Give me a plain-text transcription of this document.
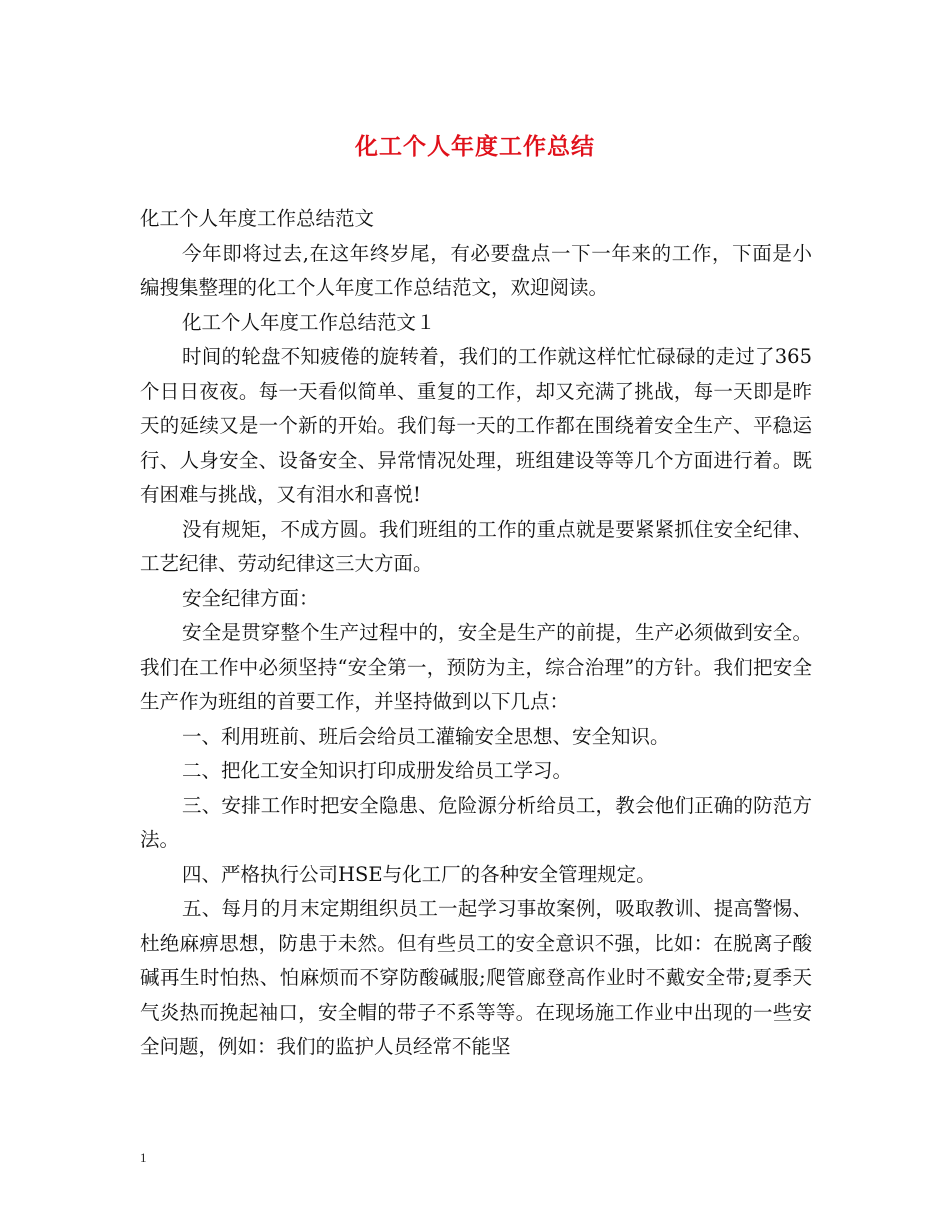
化工个人年度工作总结

化工个人年度工作总结范文

今年即将过去,在这年终岁尾，有必要盘点一下一年来的工作，下面是小编搜集整理的化工个人年度工作总结范文，欢迎阅读。

化工个人年度工作总结范文１

时间的轮盘不知疲倦的旋转着，我们的工作就这样忙忙碌碌的走过了365个日日夜夜。每一天看似简单、重复的工作，却又充满了挑战，每一天即是昨天的延续又是一个新的开始。我们每一天的工作都在围绕着安全生产、平稳运行、人身安全、设备安全、异常情况处理，班组建设等等几个方面进行着。既有困难与挑战，又有泪水和喜悦!

没有规矩，不成方圆。我们班组的工作的重点就是要紧紧抓住安全纪律、工艺纪律、劳动纪律这三大方面。

安全纪律方面：

安全是贯穿整个生产过程中的，安全是生产的前提，生产必须做到安全。我们在工作中必须坚持“安全第一，预防为主，综合治理”的方针。我们把安全生产作为班组的首要工作，并坚持做到以下几点：

一、利用班前、班后会给员工灌输安全思想、安全知识。

二、把化工安全知识打印成册发给员工学习。

三、安排工作时把安全隐患、危险源分析给员工，教会他们正确的防范方法。

四、严格执行公司HSE与化工厂的各种安全管理规定。

五、每月的月末定期组织员工一起学习事故案例，吸取教训、提高警惕、杜绝麻痹思想，防患于未然。但有些员工的安全意识不强，比如：在脱离子酸碱再生时怕热、怕麻烦而不穿防酸碱服;爬管廊登高作业时不戴安全带;夏季天气炎热而挽起袖口，安全帽的带子不系等等。在现场施工作业中出现的一些安全问题，例如：我们的监护人员经常不能坚

1
